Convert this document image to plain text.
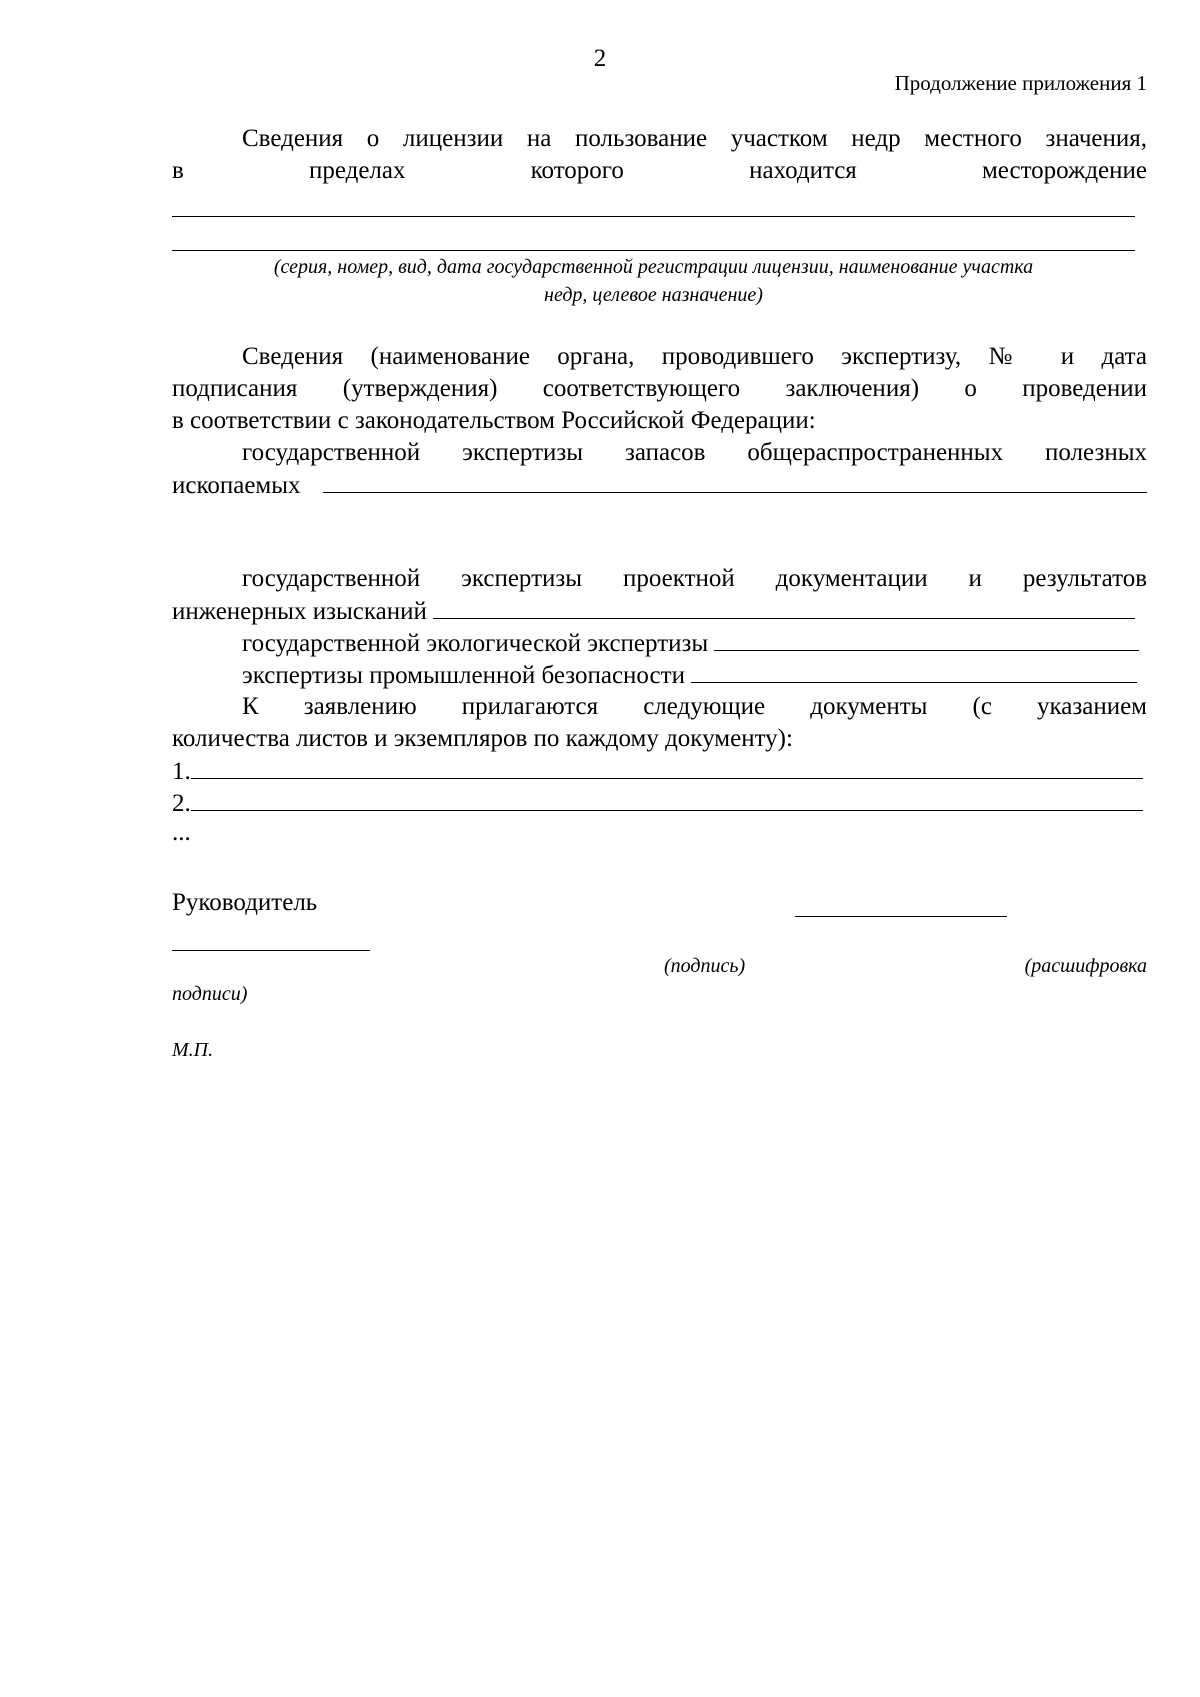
2
Продолжение приложения 1
Сведения о лицензии на пользование участком недр местного значения,
в	пределах	которого	находится	месторождение
(серия, номер, вид, дата государственной регистрации лицензии, наименование участка
недр, целевое назначение)
Сведения (наименование органа, проводившего экспертизу, № и дата
подписания (утверждения) соответствующего заключения) о проведении
в соответствии с законодательством Российской Федерации:
государственной экспертизы запасов общераспространенных полезных
ископаемых
государственной экспертизы проектной документации и результатов
инженерных изысканий
государственной экологической экспертизы
экспертизы промышленной безопасности
К заявлению прилагаются следующие документы (с указанием
количества листов и экземпляров по каждому документу):
1.
2.
...
Руководитель
(подпись)	(расшифровка
подписи)
М.П.
